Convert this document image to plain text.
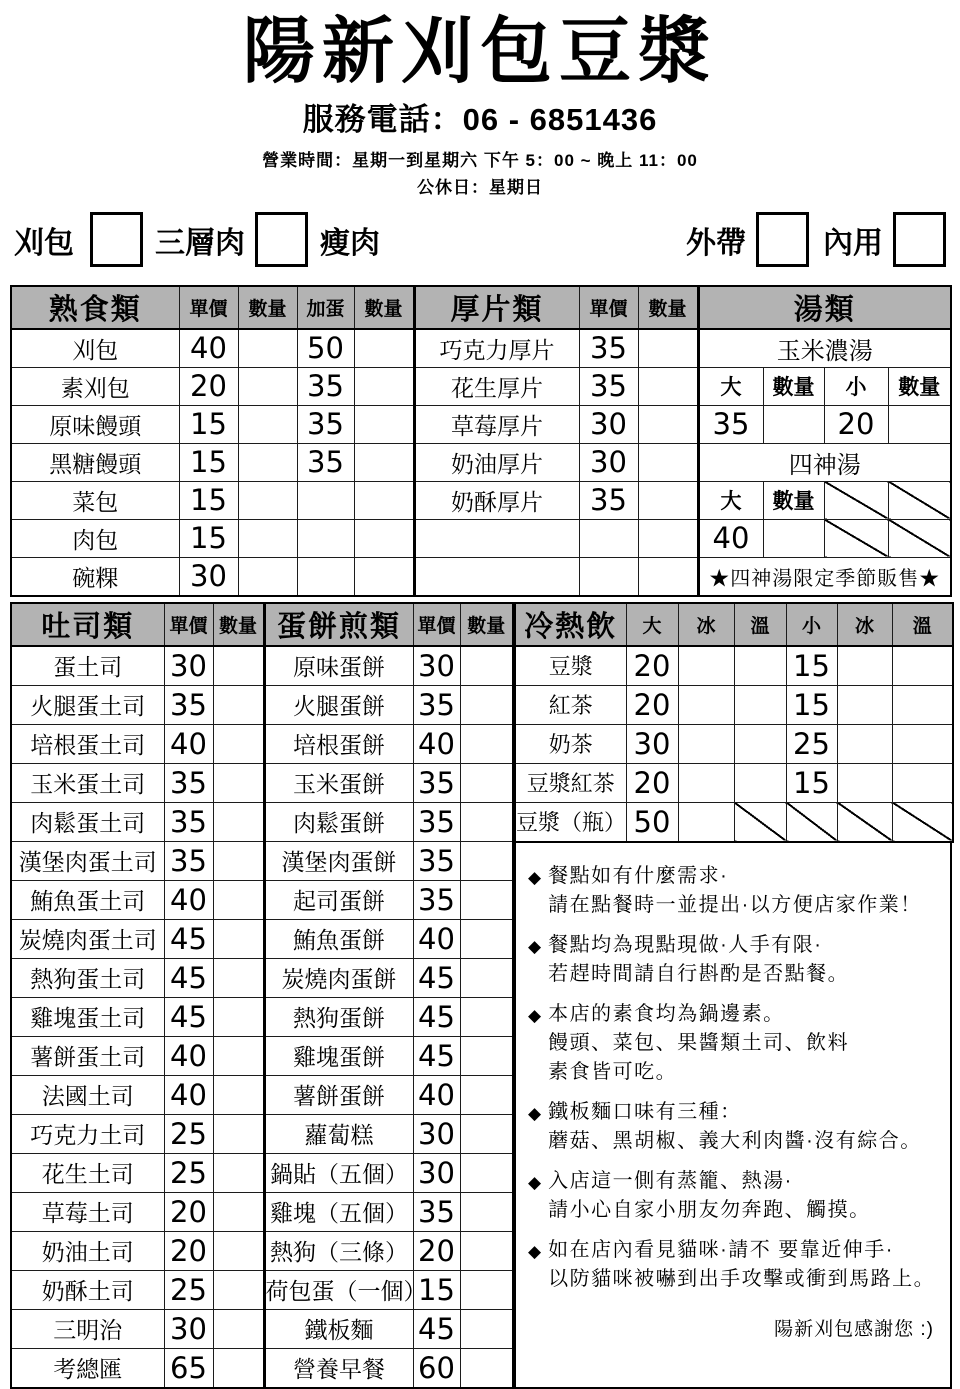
陽新刈包豆漿
服務電話：06 - 6851436
營業時間：星期一到星期六 下午 5：00 ~ 晚上 11：00
公休日：星期日
刈包	三層肉	瘦肉	外帶	內用
熟食類	單價	數量	加蛋	數量	厚片類	單價	數量	湯類			
刈包	40		50		巧克力厚片	35		玉米濃湯			
素刈包	20		35		花生厚片	35		大	數量	小	數量
原味饅頭	15		35		草莓厚片	30		35		20	
黑糖饅頭	15		35		奶油厚片	30		四神湯			
菜包	15				奶酥厚片	35		大	數量		
肉包	15							40			
碗粿	30							★四神湯限定季節販售★			
吐司類	單價	數量	蛋餅煎類	單價	數量
蛋土司	30		原味蛋餅	30	
火腿蛋土司	35		火腿蛋餅	35	
培根蛋土司	40		培根蛋餅	40	
玉米蛋土司	35		玉米蛋餅	35	
肉鬆蛋土司	35		肉鬆蛋餅	35	
漢堡肉蛋土司	35		漢堡肉蛋餅	35	
鮪魚蛋土司	40		起司蛋餅	35	
炭燒肉蛋土司	45		鮪魚蛋餅	40	
熱狗蛋土司	45		炭燒肉蛋餅	45	
雞塊蛋土司	45		熱狗蛋餅	45	
薯餅蛋土司	40		雞塊蛋餅	45	
法國土司	40		薯餅蛋餅	40	
巧克力土司	25		蘿蔔糕	30	
花生土司	25		鍋貼（五個）	30	
草莓土司	20		雞塊（五個）	35	
奶油土司	20		熱狗（三條）	20	
奶酥土司	25		荷包蛋（一個）	15	
三明治	30		鐵板麵	45	
考總匯	65		營養早餐	60	
冷熱飲	大	冰	溫	小	冰	溫
豆漿	20			15		
紅茶	20			15		
奶茶	30			25		
豆漿紅茶	20			15		
豆漿（瓶）	50					
◆ 餐點如有什麼需求·
請在點餐時一並提出·以方便店家作業！
◆ 餐點均為現點現做·人手有限·
若趕時間請自行斟酌是否點餐。
◆ 本店的素食均為鍋邊素。
饅頭、菜包、果醬類土司、飲料
素食皆可吃。
◆ 鐵板麵口味有三種：
蘑菇、黑胡椒、義大利肉醬·沒有綜合。
◆ 入店這一側有蒸籠、熱湯·
請小心自家小朋友勿奔跑、觸摸。
◆ 如在店內看見貓咪·請不 要靠近伸手·
以防貓咪被嚇到出手攻擊或衝到馬路上。
陽新刈包感謝您 :)
